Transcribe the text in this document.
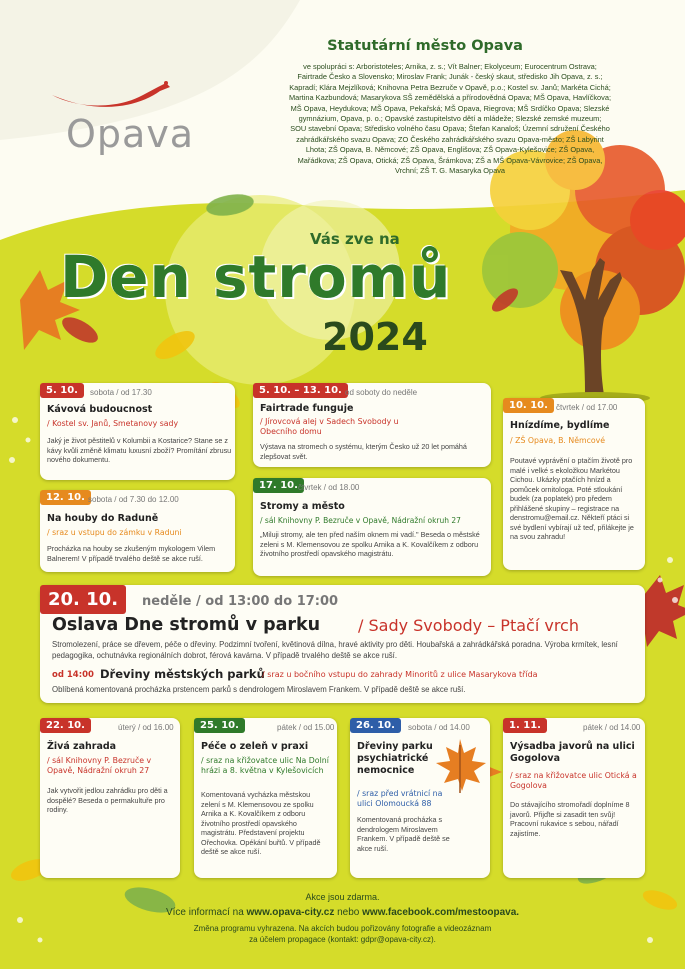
Opava
Statutární město Opava
ve spolupráci s: Arboristoteles; Arnika, z. s.; Vít Balner; Ekolyceum; Eurocentrum Ostrava;
Fairtrade Česko a Slovensko; Miroslav Frank; Junák - český skaut, středisko Jih Opava, z. s.;
Kapradí; Klára Mejzlíková; Knihovna Petra Bezruče v Opavě, p.o.; Kostel sv. Janů; Markéta Cichá;
Martina Kazbundová; Masarykova SŠ zemědělská a přírodovědná Opava; MŠ Opava, Havlíčkova;
MŠ Opava, Heydukova; MŠ Opava, Pekařská; MŠ Opava, Riegrova; MŠ Srdíčko Opava; Slezské
gymnázium, Opava, p. o.; Opavské zastupitelstvo dětí a mládeže; Slezské zemské muzeum;
SOU stavební Opava; Středisko volného času Opava; Štefan Kanaloš; Územní sdružení Českého
zahrádkářského svazu Opava; ZO Českého zahrádkářského svazu Opava-město; ZŠ Labyrint
Lhota; ZŠ Opava, B. Němcové; ZŠ Opava, Englišova; ZŠ Opava-Kylešovice; ZŠ Opava,
Mařádkova; ZŠ Opava, Otická; ZŠ Opava, Šrámkova; ZŠ a MŠ Opava-Vávrovice; ZŠ Opava,
Vrchní; ZŠ T. G. Masaryka Opava
Vás zve na
Den stromů
2024
5. 10.	sobota / od 17.30
Kávová budoucnost
/ Kostel sv. Janů, Smetanovy sady
Jaký je život pěstitelů v Kolumbii a Kostarice? Stane se z kávy kvůli změně klimatu luxusní zboží? Promítání zbrusu nového dokumentu.
5. 10. – 13. 10. od soboty do neděle
Fairtrade funguje
/ Jírovcová alej v Sadech Svobody u Obecního domu
Výstava na stromech o systému, kterým Česko už 20 let pomáhá zlepšovat svět.
10. 10.	čtvrtek / od 17.00
Hnízdíme, bydlíme
/ ZŠ Opava, B. Němcové
Poutavé vyprávění o ptačím životě pro malé i velké s ekoložkou Markétou Cichou. Ukázky ptačích hnízd a pomůcek ornitologa. Poté stloukání budek (za poplatek) pro předem přihlášené skupiny – registrace na denstromu@email.cz. Někteří ptáci si své bydlení vybírají už teď, přilákejte je na svou zahradu!
12. 10. sobota / od 7.30 do 12.00
Na houby do Raduně
/ sraz u vstupu do zámku v Raduni
Procházka na houby se zkušeným mykologem Vilem Balnerem! V případě trvalého deště se akce ruší.
17. 10. čtvrtek / od 18.00
Stromy a město
/ sál Knihovny P. Bezruče v Opavě, Nádražní okruh 27
„Miluji stromy, ale ten před naším oknem mi vadí." Beseda o městské zeleni s M. Klemensovou ze spolku Arnika a K. Kovalčíkem z odboru životního prostředí opavského magistrátu.
20. 10.	neděle / od 13:00 do 17:00
Oslava Dne stromů v parku / Sady Svobody – Ptačí vrch
Stromolezení, práce se dřevem, péče o dřeviny. Podzimní tvoření, květinová dílna, hravé aktivity pro děti. Houbařská a zahrádkářská poradna. Výroba krmítek, lesní pedagogika, ochutnávka regionálních dobrot, férová kavárna. V případě trvalého deště se akce ruší.
od 14:00 Dřeviny městských parků
/ sraz u bočního vstupu do zahrady Minoritů z ulice Masarykova třída
Oblíbená komentovaná procházka prstencem parků s dendrologem Miroslavem Frankem. V případě deště se akce ruší.
22. 10.	úterý / od 16.00
Živá zahrada
/ sál Knihovny P. Bezruče v Opavě, Nádražní okruh 27
Jak vytvořit jedlou zahrádku pro děti a dospělé? Beseda o permakultuře pro rodiny.
25. 10.	pátek / od 15.00
Péče o zeleň v praxi
/ sraz na křižovatce ulic Na Dolní hrázi a 8. května v Kylešovicích
Komentovaná vycházka městskou zelení s M. Klemensovou ze spolku Arnika a K. Kovalčíkem z odboru životního prostředí opavského magistrátu. Představení projektu Ořechovka. Opékání buřtů. V případě deště se akce ruší.
26. 10.	sobota / od 14.00
Dřeviny parku psychiatrické nemocnice
/ sraz před vrátnicí na ulici Olomoucká 88
Komentovaná procházka s dendrologem Miroslavem Frankem. V případě deště se akce ruší.
1. 11.	pátek / od 14.00
Výsadba javorů na ulici Gogolova
/ sraz na křižovatce ulic Otická a Gogolova
Do stávajícího stromořadí doplníme 8 javorů. Přijďte si zasadit ten svůj! Pracovní rukavice s sebou, nářadí zajistíme.
Akce jsou zdarma.
Více informací na www.opava-city.cz nebo www.facebook.com/mestoopava.
Změna programu vyhrazena. Na akcích budou pořizovány fotografie a videozáznam
za účelem propagace (kontakt: gdpr@opava-city.cz).
